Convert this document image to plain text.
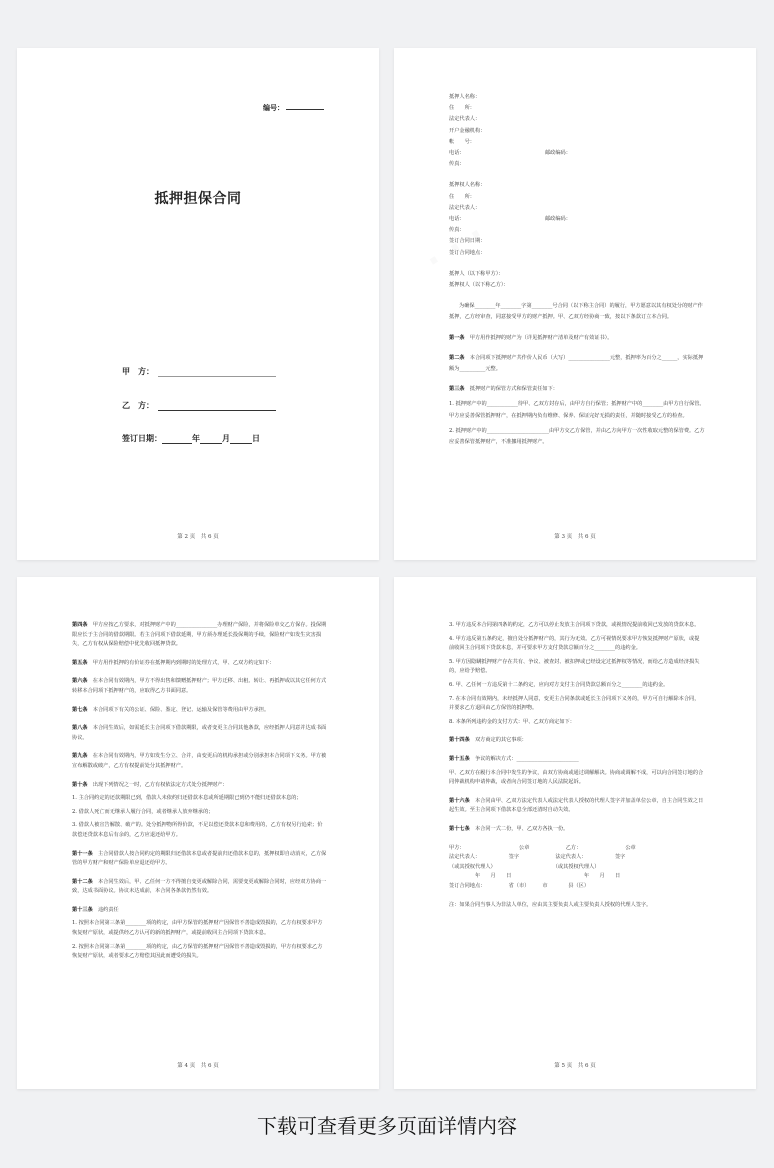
编号：
抵押担保合同
甲　方：
乙　方：
签订日期：	年	月	日
第 2 页　共 6 页
抵押人名称：
住　　所：
法定代表人：
开户金融机构：
帐　　号：
电话：　　　　　　　　　　　　　　　　邮政编码：
传真：
抵押权人名称：
住　　所：
法定代表人：
电话：　　　　　　　　　　　　　　　　邮政编码：
传真：
签订合同日期：
签订合同地点：
抵押人（以下称甲方）：
抵押权人（以下称乙方）：
为确保________年________字第________号合同（以下称主合同）的履行，甲方愿意以其有权处分的财产作抵押，乙方经审查，同意接受甲方的财产抵押。甲、乙双方经协商一致，按以下条款订立本合同。
第一条　甲方用作抵押的财产为（详见抵押财产清单及财产有效证书）。
第二条　本合同项下抵押财产共作价人民币（大写）________________元整，抵押率为百分之______，实际抵押额为__________元整。
第三条　抵押财产的保管方式和保管责任如下：
1. 抵押财产中的____________待甲、乙双方封存后，由甲方自行保管；抵押财产中的________由甲方自行保管。甲方应妥善保管抵押财产，在抵押期内负有维修、保养、保证完好无损的责任，并随时接受乙方的检查。
2. 抵押财产中的________________________由甲方交乙方保管，并由乙方向甲方一次性收取元整的保管费。乙方应妥善保管抵押财产，不准挪用抵押财产。
第 3 页　共 6 页
第四条　甲方应按乙方要求，对抵押财产中的________________办理财产保险，并将保险单交乙方保存。投保期限应长于主合同的借款期限。若主合同项下借款延期，甲方须办理延长投保期的手续，保险财产如发生灾害损失，乙方有权从保险赔偿中优先收回抵押贷款。
第五条　甲方用作抵押的有价证券在抵押期内到期时的处理方式，甲、乙双方约定如下：
第六条　在本合同有效期内，甲方不得出售和馈赠抵押财产；甲方迁移、出租、转让、再抵押或以其它任何方式转移本合同项下抵押财产的，应取得乙方书面同意。
第七条　本合同项下有关的公证、保险、鉴定、登记、运输及保管等费用由甲方承担。
第八条　本合同生效后，如需延长主合同项下借款期限，或者变更主合同其他条款，应经抵押人同意并达成书面协议。
第九条　在本合同有效期内，甲方如发生分立、合并，由变更后的机构承担或分别承担本合同项下义务。甲方被宣布解散或破产，乙方有权提前处分其抵押财产。
第十条　出现下列情况之一时，乙方有权依法定方式处分抵押财产：
1. 主合同约定的还款期限已到，借款人未依约归还借款本息或所延期限已到仍不能归还借款本息的；
2. 借款人死亡而无继承人履行合同，或者继承人放弃继承的；
3. 借款人被宣告解散、破产的。处分抵押物所得价款，不足以偿还贷款本息和费用的，乙方有权另行追索；价款偿还贷款本息后有余的，乙方应退还给甲方。
第十一条　主合同借款人按合同约定的期限归还借款本息或者提前归还借款本息的，抵押权即自动消灭，乙方保管的甲方财产和财产保险单应退还给甲方。
第十二条　本合同生效后，甲、乙任何一方不得擅自变更或解除合同，需要变更或解除合同时，应经双方协商一致，达成书面协议。协议未达成前，本合同各条款仍然有效。
第十三条　违约责任
1. 按照本合同第三条第________项的约定，由甲方保管的抵押财产因保管不善造成毁损的，乙方有权要求甲方恢复财产原状，或提供经乙方认可的新的抵押财产，或提前收回主合同项下贷款本息。
2. 按照本合同第三条第________项的约定，由乙方保管的抵押财产因保管不善造成毁损的，甲方有权要求乙方恢复财产原状，或者要求乙方赔偿其因此而遭受的损失。
第 4 页　共 6 页
3. 甲方违反本合同第四条的约定，乙方可以停止发放主合同项下贷款，或视情况提前收回已发放的贷款本息。
4. 甲方违反第五条约定，擅自处分抵押财产的，其行为无效。乙方可视情况要求甲方恢复抵押财产原状，或提前收回主合同项下贷款本息，并可要求甲方支付贷款总额百分之________的违约金。
5. 甲方因隐瞒抵押财产存在共有、争议、被查封、被扣押或已经设定过抵押权等情况，而给乙方造成经济损失的，应给予赔偿。
6. 甲、乙任何一方违反第十二条约定，应向对方支付主合同贷款总额百分之________的违约金。
7. 在本合同有效期内，未经抵押人同意，变更主合同条款或延长主合同项下义务的，甲方可自行解除本合同，并要求乙方退回由乙方保管的抵押物。
8. 本条所列违约金的支付方式：甲、乙双方商定如下：
第十四条　双方商定的其它事项：
第十五条　争议的解决方式：________________________
甲、乙双方在履行本合同中发生的争议，由双方协商或通过调解解决。协商或调解不成，可以向合同签订地的合同仲裁机构申请仲裁，或者向合同签订地的人民法院起诉。
第十六条　本合同由甲、乙双方法定代表人或法定代表人授权的代理人签字并加盖单位公章，自主合同生效之日起生效。至主合同项下借款本息全部还清时自动失效。
第十七条　本合同一式二份，甲、乙双方各执一份。
甲方：　　　　　　　　　　　公章　　　　　　　乙方：　　　　　　　　　公章
法定代表人：　　　　　　签字　　　　　　　法定代表人：　　　　　　签字
（或其授权代理人）　　　　　　　　　　　　（或其授权代理人）
　　　　　年　　月　　日　　　　　　　　　　　　　　年　　月　　日
签订合同地点：　　　　　省（市）　　　市　　　　县（区）
注：如果合同当事人为非法人单位，应由其主要负责人或主要负责人授权的代理人签字。
第 5 页　共 6 页
下载可查看更多页面详情内容
